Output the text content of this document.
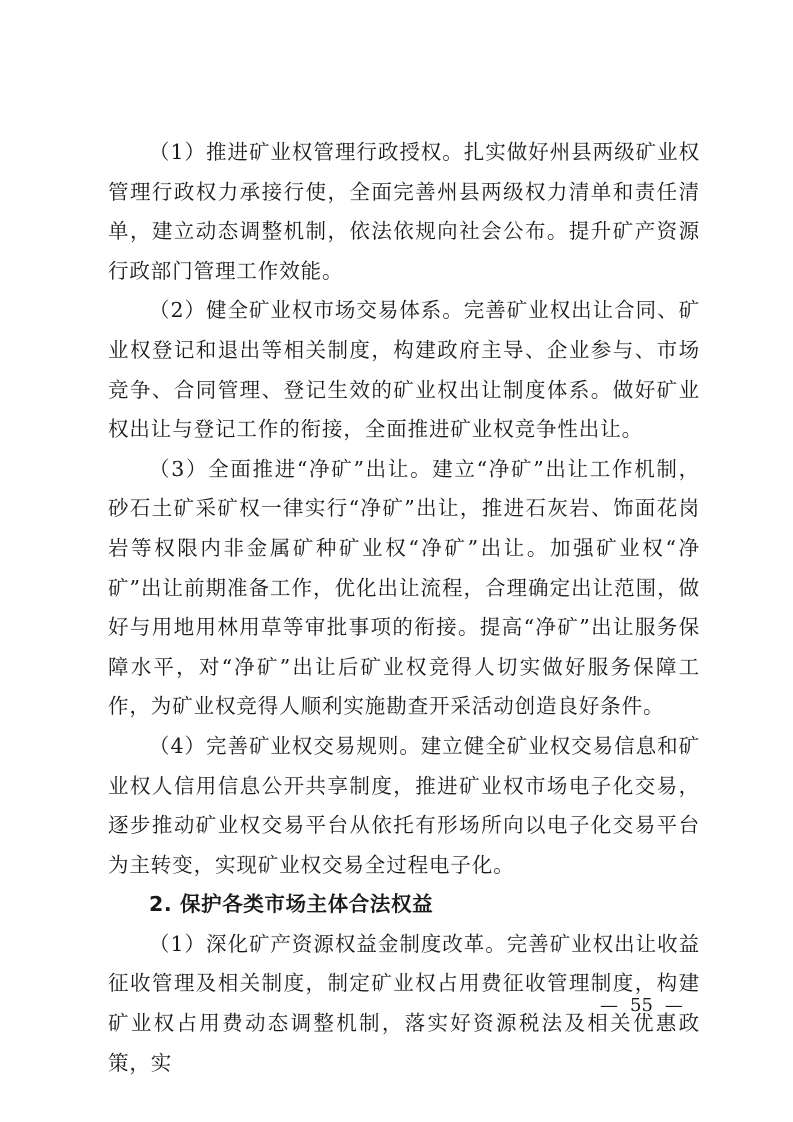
（1）推进矿业权管理行政授权。扎实做好州县两级矿业权管理行政权力承接行使，全面完善州县两级权力清单和责任清单，建立动态调整机制，依法依规向社会公布。提升矿产资源行政部门管理工作效能。

（2）健全矿业权市场交易体系。完善矿业权出让合同、矿业权登记和退出等相关制度，构建政府主导、企业参与、市场竞争、合同管理、登记生效的矿业权出让制度体系。做好矿业权出让与登记工作的衔接，全面推进矿业权竞争性出让。

（3）全面推进“净矿”出让。建立“净矿”出让工作机制，砂石土矿采矿权一律实行“净矿”出让，推进石灰岩、饰面花岗岩等权限内非金属矿种矿业权“净矿”出让。加强矿业权“净矿”出让前期准备工作，优化出让流程，合理确定出让范围，做好与用地用林用草等审批事项的衔接。提高“净矿”出让服务保障水平，对“净矿”出让后矿业权竞得人切实做好服务保障工作，为矿业权竞得人顺利实施勘查开采活动创造良好条件。

（4）完善矿业权交易规则。建立健全矿业权交易信息和矿业权人信用信息公开共享制度，推进矿业权市场电子化交易，逐步推动矿业权交易平台从依托有形场所向以电子化交易平台为主转变，实现矿业权交易全过程电子化。

2. 保护各类市场主体合法权益

（1）深化矿产资源权益金制度改革。完善矿业权出让收益征收管理及相关制度，制定矿业权占用费征收管理制度，构建矿业权占用费动态调整机制，落实好资源税法及相关优惠政策，实

— 55 —
